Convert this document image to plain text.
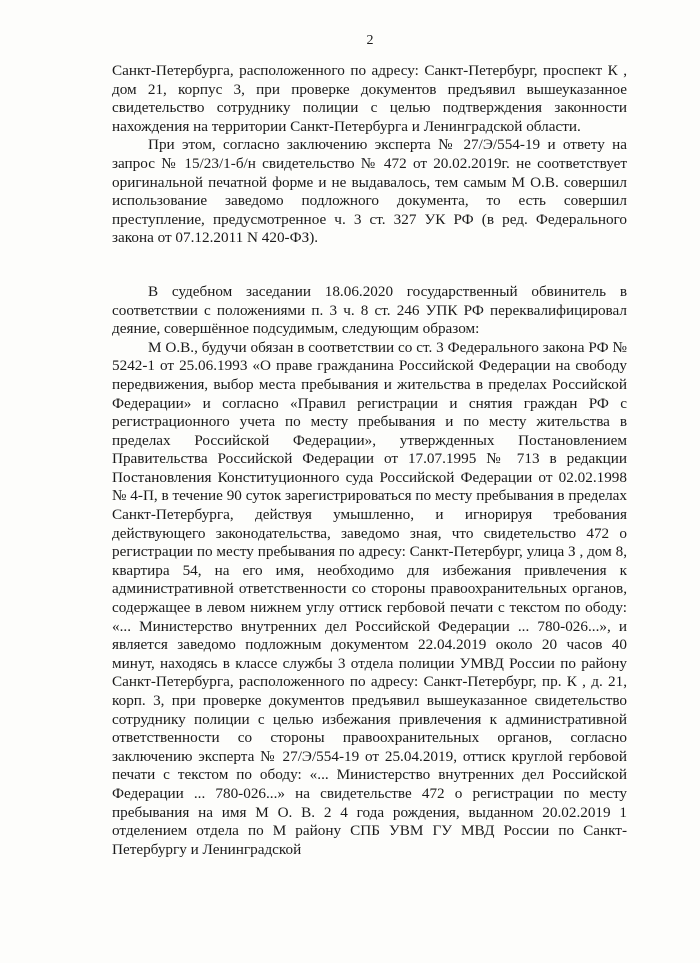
2

Санкт-Петербурга, расположенного по адресу: Санкт-Петербург, проспект К , дом 21, корпус 3, при проверке документов предъявил вышеуказанное свидетельство сотруднику полиции с целью подтверждения законности нахождения на территории Санкт-Петербурга и Ленинградской области.

При этом, согласно заключению эксперта № 27/Э/554-19 и ответу на запрос № 15/23/1-б/н свидетельство № 472 от 20.02.2019г. не соответствует оригинальной печатной форме и не выдавалось, тем самым М О.В. совершил использование заведомо подложного документа, то есть совершил преступление, предусмотренное ч. 3 ст. 327 УК РФ (в ред. Федерального закона от 07.12.2011 N 420-ФЗ).

В судебном заседании 18.06.2020 государственный обвинитель в соответствии с положениями п. 3 ч. 8 ст. 246 УПК РФ переквалифицировал деяние, совершённое подсудимым, следующим образом:

М О.В., будучи обязан в соответствии со ст. 3 Федерального закона РФ № 5242-1 от 25.06.1993 «О праве гражданина Российской Федерации на свободу передвижения, выбор места пребывания и жительства в пределах Российской Федерации» и согласно «Правил регистрации и снятия граждан РФ с регистрационного учета по месту пребывания и по месту жительства в пределах Российской Федерации», утвержденных Постановлением Правительства Российской Федерации от 17.07.1995 № 713 в редакции Постановления Конституционного суда Российской Федерации от 02.02.1998 № 4-П, в течение 90 суток зарегистрироваться по месту пребывания в пределах Санкт-Петербурга, действуя умышленно, и игнорируя требования действующего законодательства, заведомо зная, что свидетельство 472 о регистрации по месту пребывания по адресу: Санкт-Петербург, улица З , дом 8, квартира 54, на его имя, необходимо для избежания привлечения к административной ответственности со стороны правоохранительных органов, содержащее в левом нижнем углу оттиск гербовой печати с текстом по ободу: «... Министерство внутренних дел Российской Федерации ... 780-026...», и является заведомо подложным документом 22.04.2019 около 20 часов 40 минут, находясь в классе службы 3 отдела полиции УМВД России по району Санкт-Петербурга, расположенного по адресу: Санкт-Петербург, пр. К , д. 21, корп. 3, при проверке документов предъявил вышеуказанное свидетельство сотруднику полиции с целью избежания привлечения к административной ответственности со стороны правоохранительных органов, согласно заключению эксперта № 27/Э/554-19 от 25.04.2019, оттиск круглой гербовой печати с текстом по ободу: «... Министерство внутренних дел Российской Федерации ... 780-026...» на свидетельстве 472 о регистрации по месту пребывания на имя М О. В. 2 4 года рождения, выданном 20.02.2019 1 отделением отдела по М району СПБ УВМ ГУ МВД России по Санкт-Петербургу и Ленинградской
